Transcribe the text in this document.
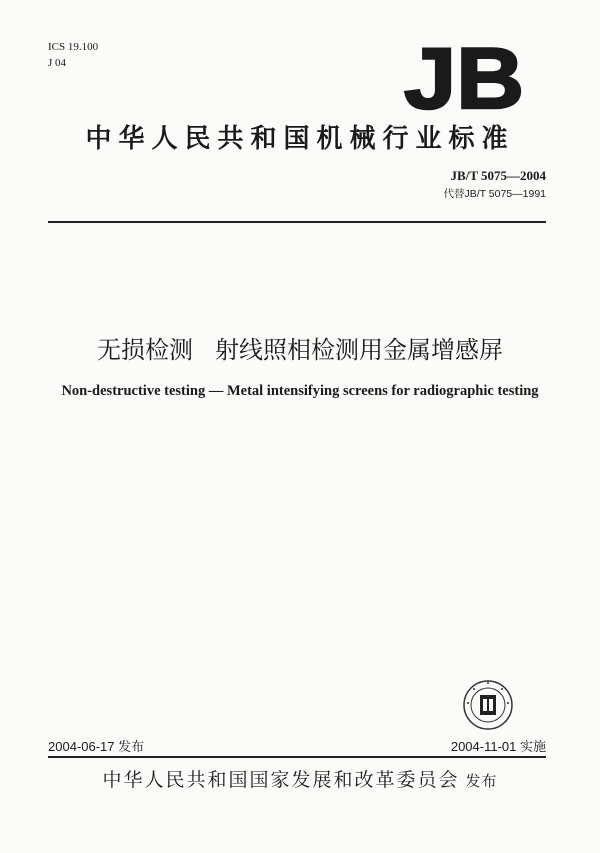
ICS 19.100
J 04	JB
中华人民共和国机械行业标准
JB/T 5075—2004
代替JB/T 5075—1991
无损检测 射线照相检测用金属增感屏
Non-destructive testing — Metal intensifying screens for radiographic testing
2004-06-17 发布	2004-11-01 实施
中华人民共和国国家发展和改革委员会 发布
